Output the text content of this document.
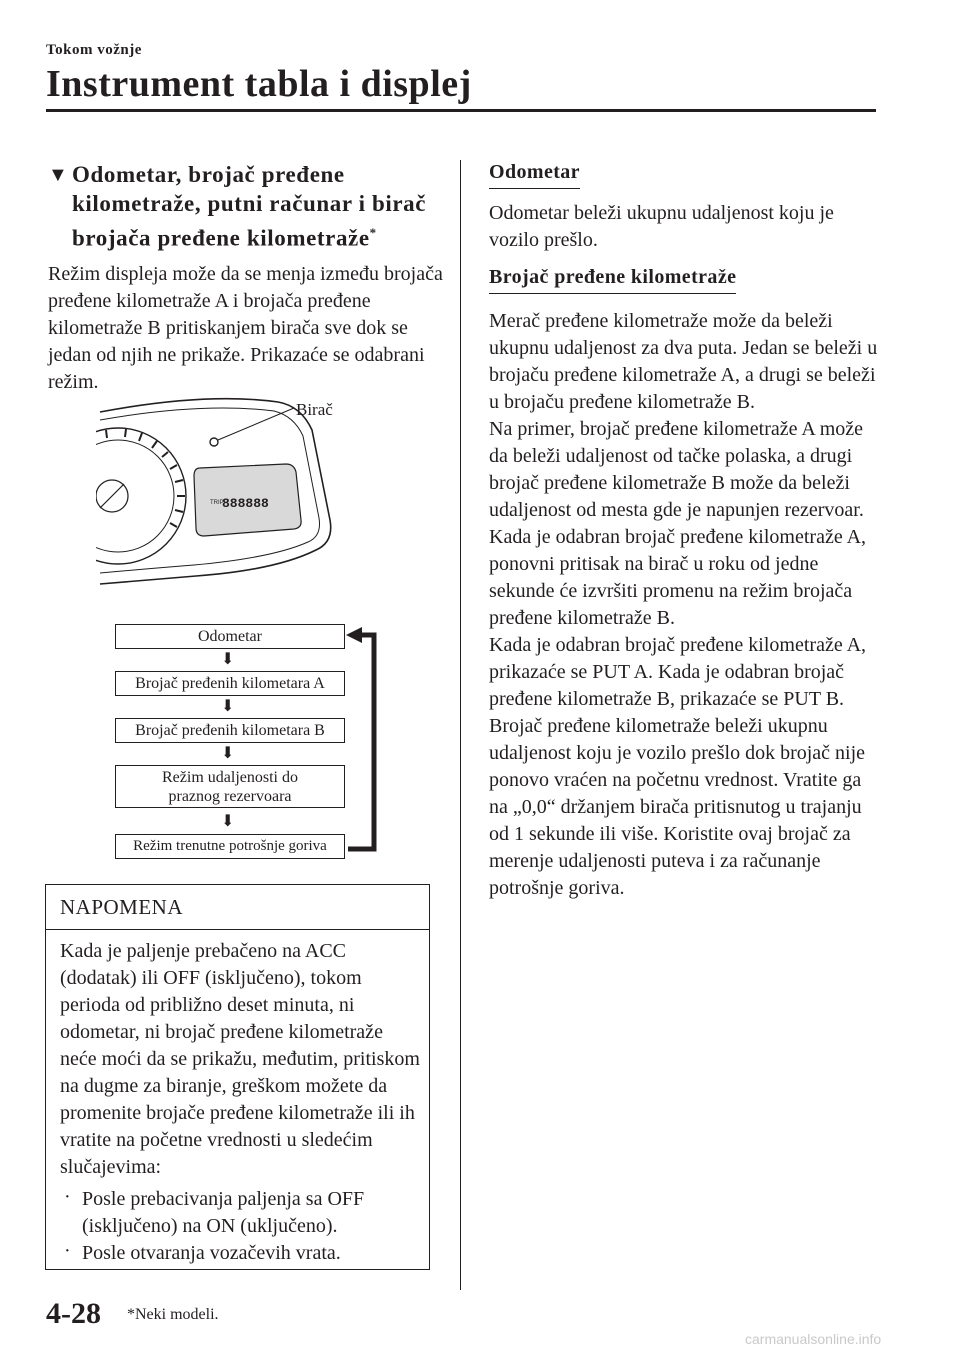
Tokom vožnje
Instrument tabla i displej
▼ Odometar, brojač pređene kilometraže, putni računar i birač brojača pređene kilometraže*
Režim displeja može da se menja između brojača pređene kilometraže A i brojača pređene kilometraže B pritiskanjem birača sve dok se jedan od njih ne prikaže. Prikazaće se odabrani režim.
TRIP
888888
Birač
Odometar
⬇
Brojač pređenih kilometara A
⬇
Brojač pređenih kilometara B
⬇
Režim udaljenosti do
praznog rezervoara
⬇
Režim trenutne potrošnje goriva
NAPOMENA
Kada je paljenje prebačeno na ACC (dodatak) ili OFF (isključeno), tokom perioda od približno deset minuta, ni odometar, ni brojač pređene kilometraže neće moći da se prikažu, međutim, pritiskom na dugme za biranje, greškom možete da promenite brojače pređene kilometraže ili ih vratite na početne vrednosti u sledećim slučajevima:
· Posle prebacivanja paljenja sa OFF (isključeno) na ON (uključeno).
· Posle otvaranja vozačevih vrata.
Odometar
Odometar beleži ukupnu udaljenost koju je vozilo prešlo.
Brojač pređene kilometraže
Merač pređene kilometraže može da beleži ukupnu udaljenost za dva puta. Jedan se beleži u brojaču pređene kilometraže A, a drugi se beleži u brojaču pređene kilometraže B.
Na primer, brojač pređene kilometraže A može da beleži udaljenost od tačke polaska, a drugi brojač pređene kilometraže B može da beleži udaljenost od mesta gde je napunjen rezervoar.
Kada je odabran brojač pređene kilometraže A, ponovni pritisak na birač u roku od jedne sekunde će izvršiti promenu na režim brojača pređene kilometraže B.
Kada je odabran brojač pređene kilometraže A, prikazaće se PUT A. Kada je odabran brojač pređene kilometraže B, prikazaće se PUT B.
Brojač pređene kilometraže beleži ukupnu udaljenost koju je vozilo prešlo dok brojač nije ponovo vraćen na početnu vrednost. Vratite ga na „0,0“ držanjem birača pritisnutog u trajanju od 1 sekunde ili više. Koristite ovaj brojač za merenje udaljenosti puteva i za računanje potrošnje goriva.
4-28 *Neki modeli.
carmanualsonline.info
